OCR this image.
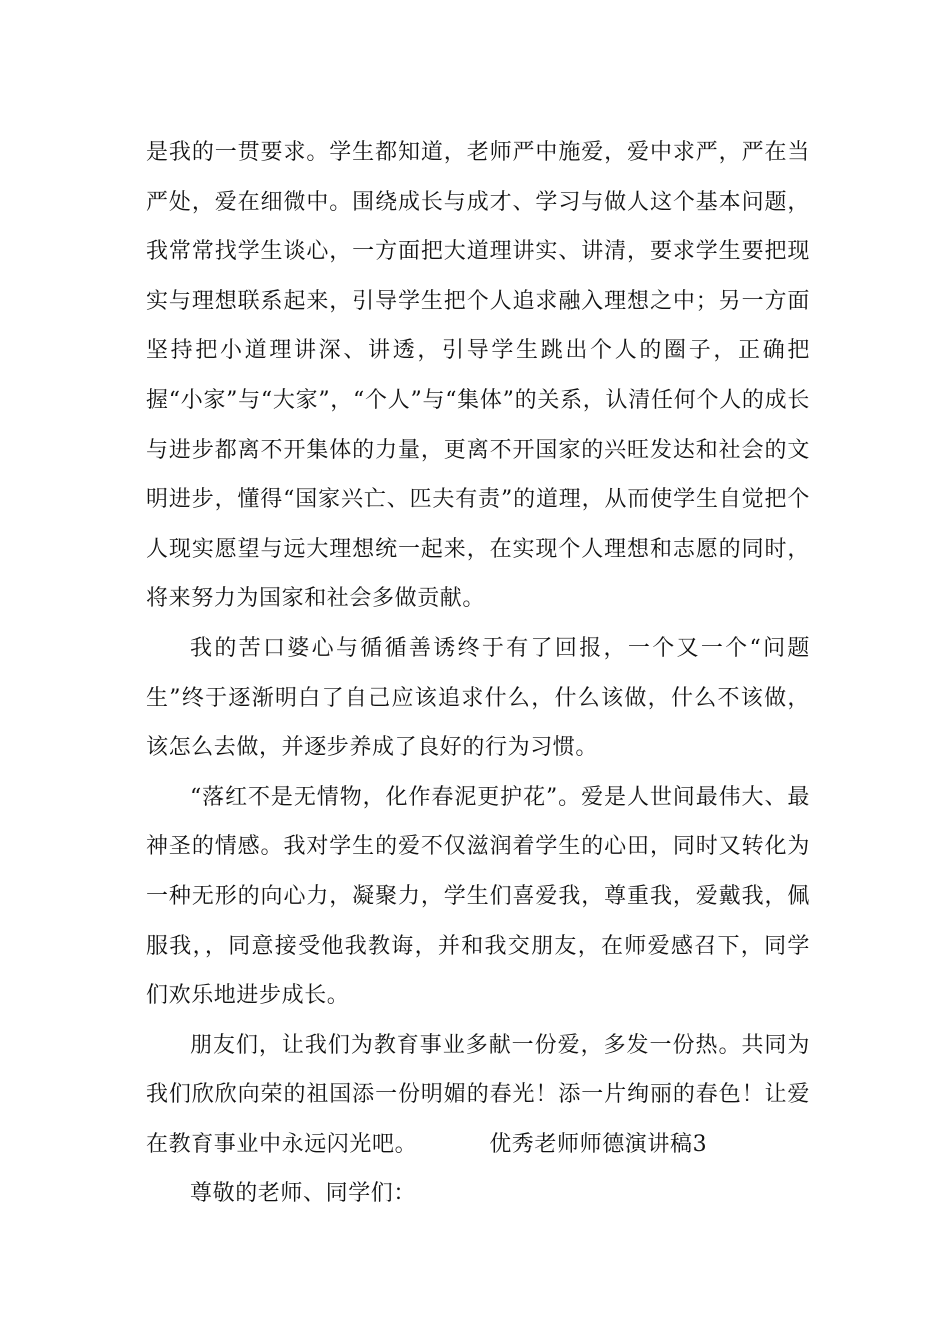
是我的一贯要求。学生都知道，老师严中施爱，爱中求严，严在当严处，爱在细微中。围绕成长与成才、学习与做人这个基本问题，我常常找学生谈心，一方面把大道理讲实、讲清，要求学生要把现实与理想联系起来，引导学生把个人追求融入理想之中；另一方面坚持把小道理讲深、讲透，引导学生跳出个人的圈子，正确把握“小家”与“大家”，“个人”与“集体”的关系，认清任何个人的成长与进步都离不开集体的力量，更离不开国家的兴旺发达和社会的文明进步，懂得“国家兴亡、匹夫有责”的道理，从而使学生自觉把个人现实愿望与远大理想统一起来，在实现个人理想和志愿的同时，将来努力为国家和社会多做贡献。

我的苦口婆心与循循善诱终于有了回报，一个又一个“问题生”终于逐渐明白了自己应该追求什么，什么该做，什么不该做，该怎么去做，并逐步养成了良好的行为习惯。

“落红不是无情物，化作春泥更护花”。爱是人世间最伟大、最神圣的情感。我对学生的爱不仅滋润着学生的心田，同时又转化为一种无形的向心力，凝聚力，学生们喜爱我，尊重我，爱戴我，佩服我，，同意接受他我教诲，并和我交朋友，在师爱感召下，同学们欢乐地进步成长。

朋友们，让我们为教育事业多献一份爱，多发一份热。共同为我们欣欣向荣的祖国添一份明媚的春光！添一片绚丽的春色！让爱在教育事业中永远闪光吧。	优秀老师师德演讲稿3

尊敬的老师、同学们：
